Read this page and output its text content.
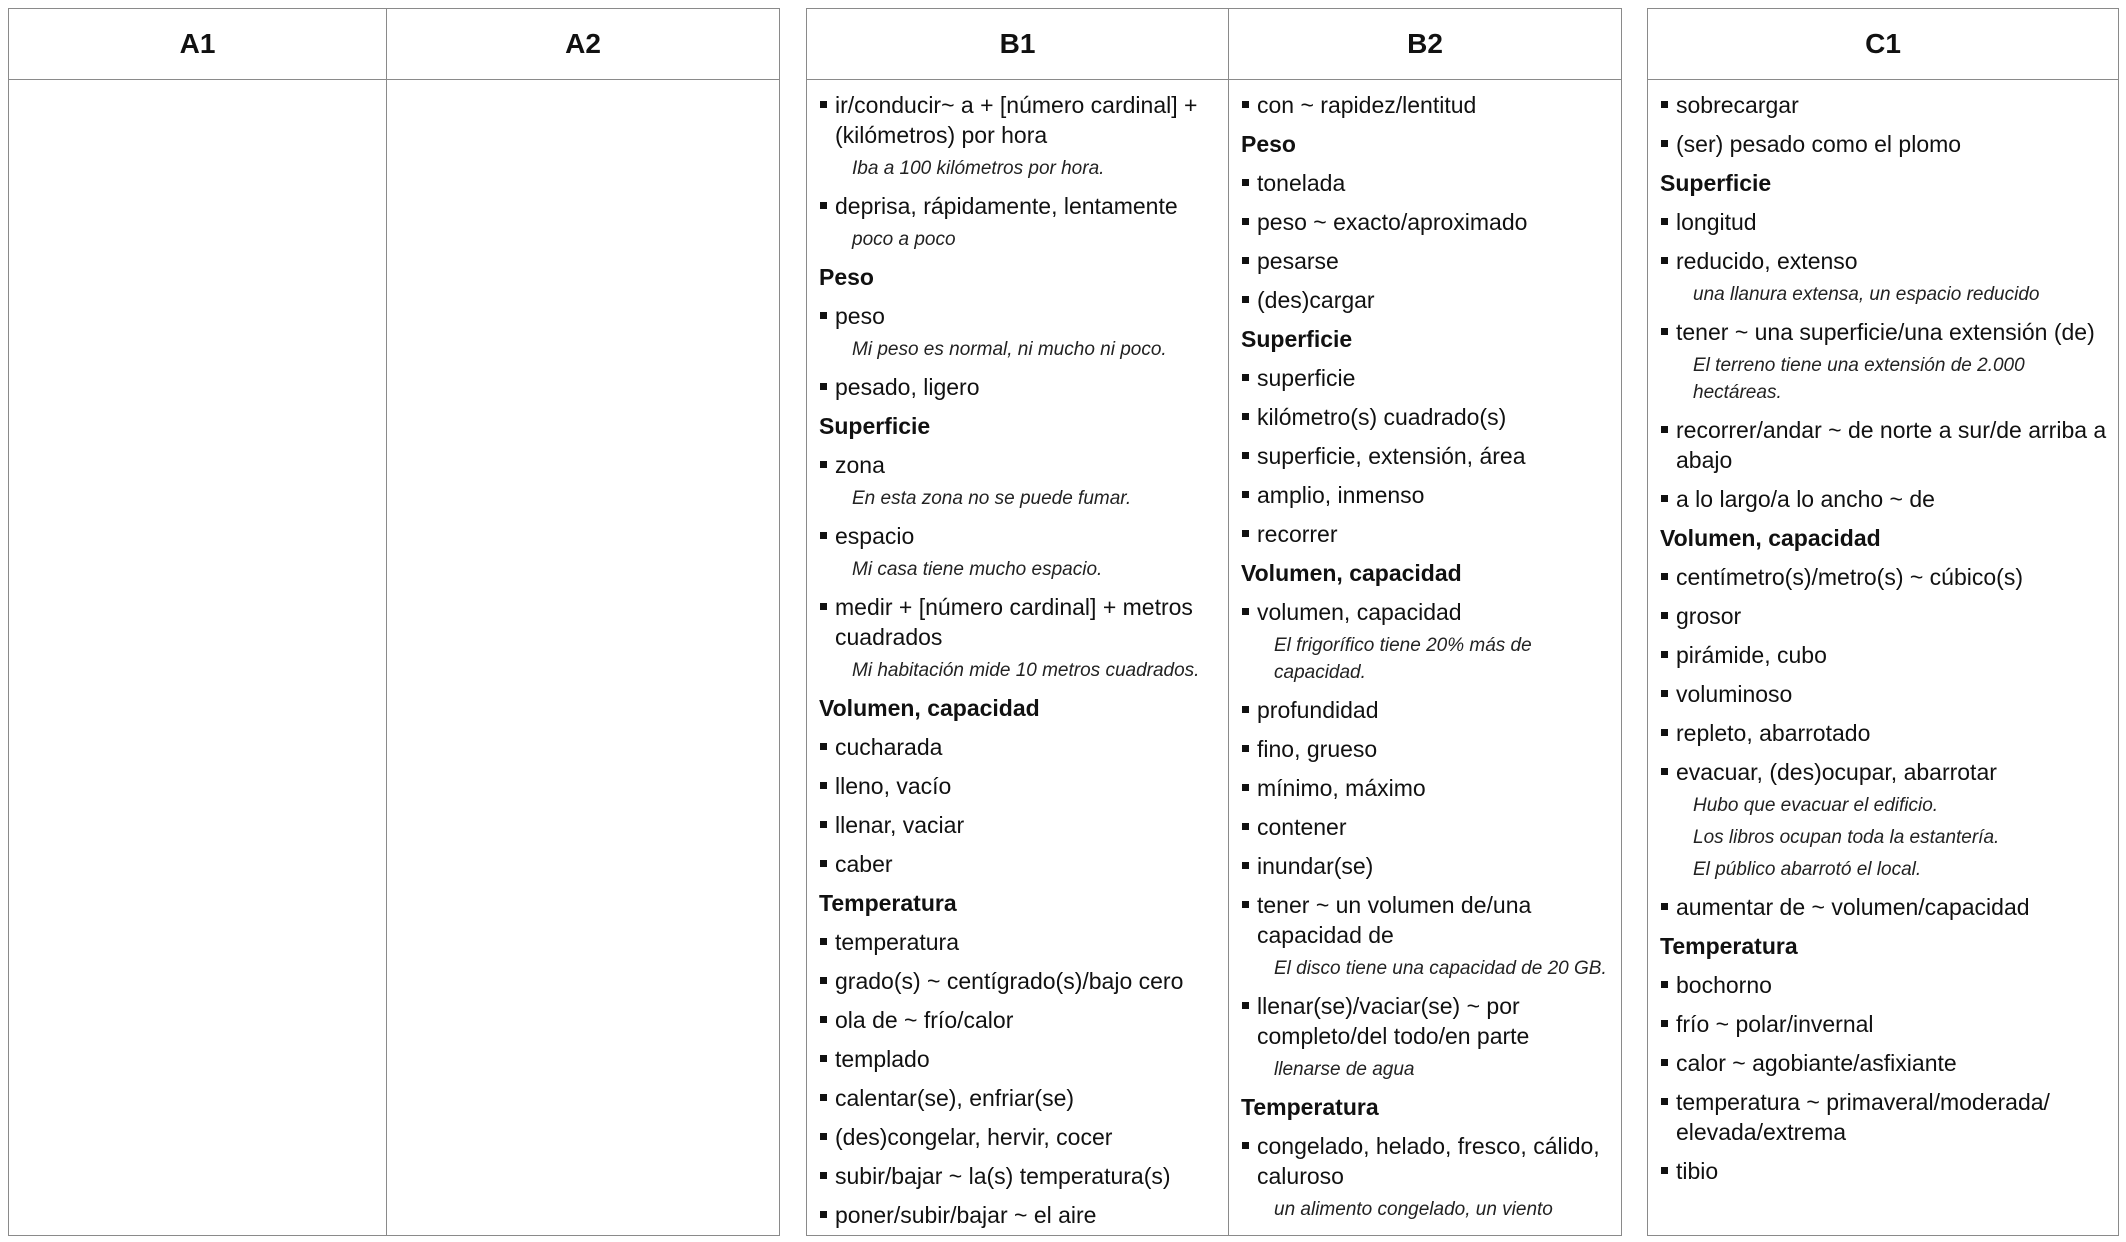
A1	A2	B1
ir/conducir~ a + [número cardinal] + (kilómetros) por hora
Iba a 100 kilómetros por hora.
deprisa, rápidamente, lentamente
poco a poco
Peso
peso
Mi peso es normal, ni mucho ni poco.
pesado, ligero
Superficie
zona
En esta zona no se puede fumar.
espacio
Mi casa tiene mucho espacio.
medir + [número cardinal] + metros cuadrados
Mi habitación mide 10 metros cuadrados.
Volumen, capacidad
cucharada
lleno, vacío
llenar, vaciar
caber
Temperatura
temperatura
grado(s) ~ centígrado(s)/bajo cero
ola de ~ frío/calor
templado
calentar(se), enfriar(se)
(des)congelar, hervir, cocer
subir/bajar ~ la(s) temperatura(s)
poner/subir/bajar ~ el aire
B2
con ~ rapidez/lentitud
Peso
tonelada
peso ~ exacto/aproximado
pesarse
(des)cargar
Superficie
superficie
kilómetro(s) cuadrado(s)
superficie, extensión, área
amplio, inmenso
recorrer
Volumen, capacidad
volumen, capacidad
El frigorífico tiene 20% más de capacidad.
profundidad
fino, grueso
mínimo, máximo
contener
inundar(se)
tener ~ un volumen de/una capacidad de
El disco tiene una capacidad de 20 GB.
llenar(se)/vaciar(se) ~ por completo/del todo/en parte
llenarse de agua
Temperatura
congelado, helado, fresco, cálido, caluroso
un alimento congelado, un viento
C1
sobrecargar
(ser) pesado como el plomo
Superficie
longitud
reducido, extenso
una llanura extensa, un espacio reducido
tener ~ una superficie/una extensión (de)
El terreno tiene una extensión de 2.000 hectáreas.
recorrer/andar ~ de norte a sur/de arriba a abajo
a lo largo/a lo ancho ~ de
Volumen, capacidad
centímetro(s)/metro(s) ~ cúbico(s)
grosor
pirámide, cubo
voluminoso
repleto, abarrotado
evacuar, (des)ocupar, abarrotar
Hubo que evacuar el edificio.
Los libros ocupan toda la estantería.
El público abarrotó el local.
aumentar de ~ volumen/capacidad
Temperatura
bochorno
frío ~ polar/invernal
calor ~ agobiante/asfixiante
temperatura ~ primaveral/moderada/ elevada/extrema
tibio
